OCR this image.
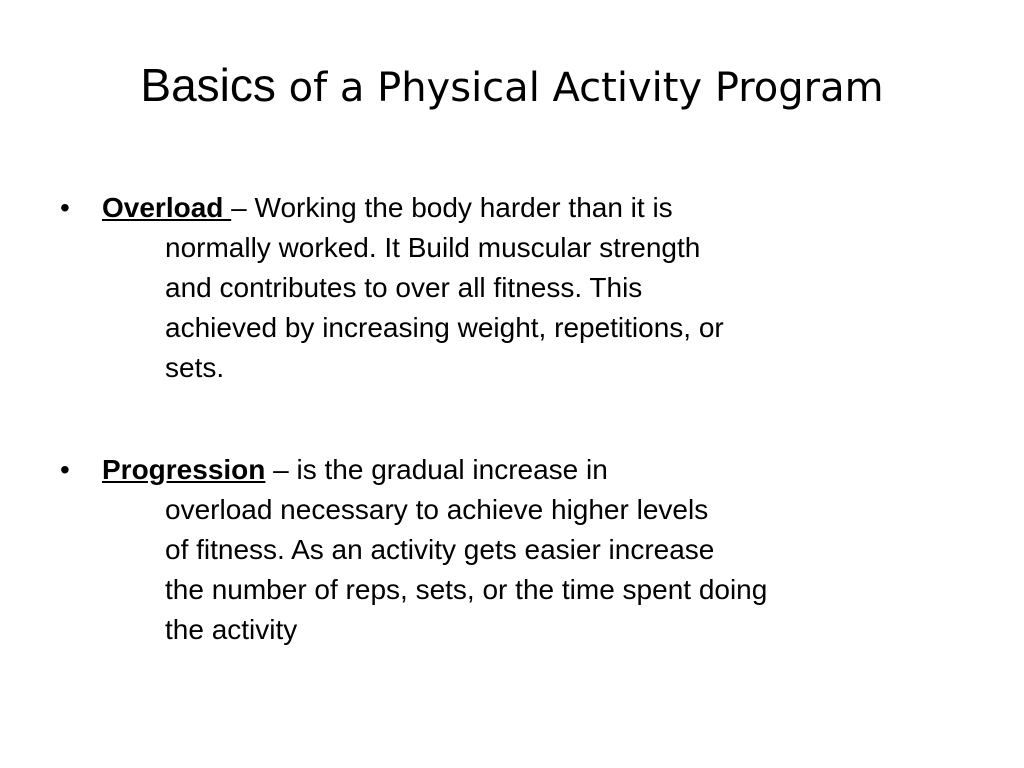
Basics of a Physical Activity Program
•	Overload – Working the body harder than it is
normally worked. It Build muscular strength
and contributes to over all fitness. This
achieved by increasing weight, repetitions, or
sets.
•	Progression – is the gradual increase in
overload necessary to achieve higher levels
of fitness. As an activity gets easier increase
the number of reps, sets, or the time spent doing
the activity
